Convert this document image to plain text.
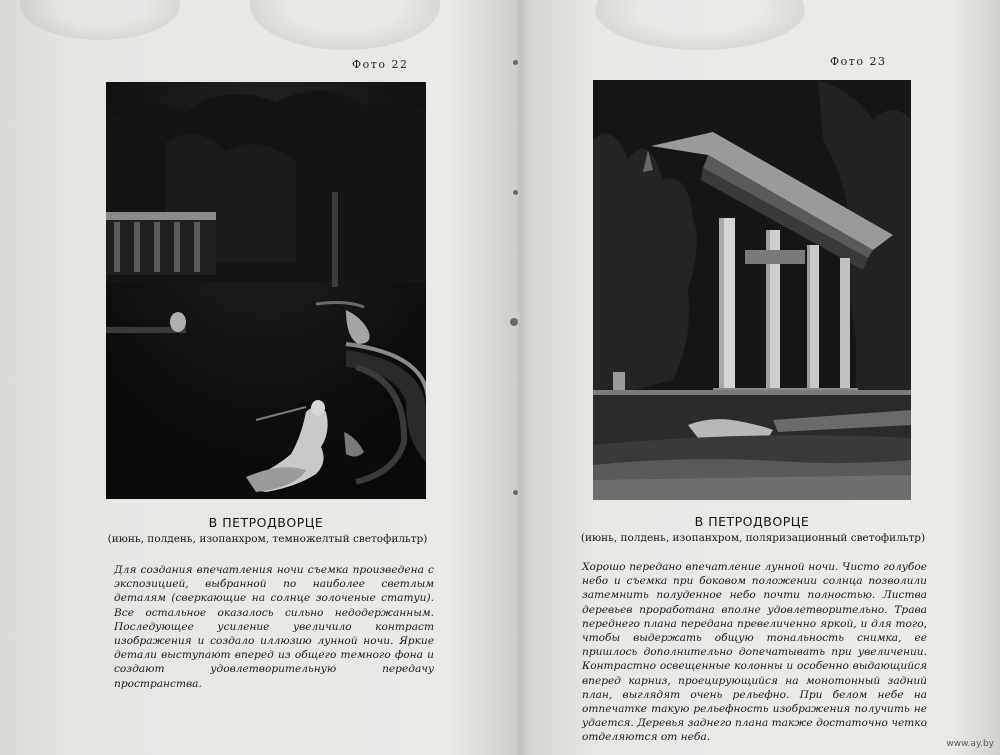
Фото 22
В ПЕТРОДВОРЦЕ
(июнь, полдень, изопанхром, темножелтый светофильтр)
Для создания впечатления ночи съемка произведена с экспозицией, выбранной по наиболее светлым деталям (сверкающие на солнце золоченые статуи). Все остальное оказалось сильно недодержанным. Последующее усиление увеличило контраст изображения и создало иллюзию лунной ночи. Яркие детали выступают вперед из общего темного фона и создают удовлетворительную передачу пространства.
Фото 23
В ПЕТРОДВОРЦЕ
(июнь, полдень, изопанхром, поляризационный светофильтр)
Хорошо передано впечатление лунной ночи. Чисто голубое небо и съемка при боковом положении солнца позволили затемнить полуденное небо почти полностью. Листва деревьев проработана вполне удовлетворительно. Трава переднего плана передана превеличенно яркой, и для того, чтобы выдержать общую тональность снимка, ее пришлось дополнительно допечатывать при увеличении. Контрастно освещенные колонны и особенно выдающийся вперед карниз, проецирующийся на монотонный задний план, выглядят очень рельефно. При белом небе на отпечатке такую рельефность изображения получить не удается. Деревья заднего плана также достаточно четко отделяются от неба.
www.ay.by
